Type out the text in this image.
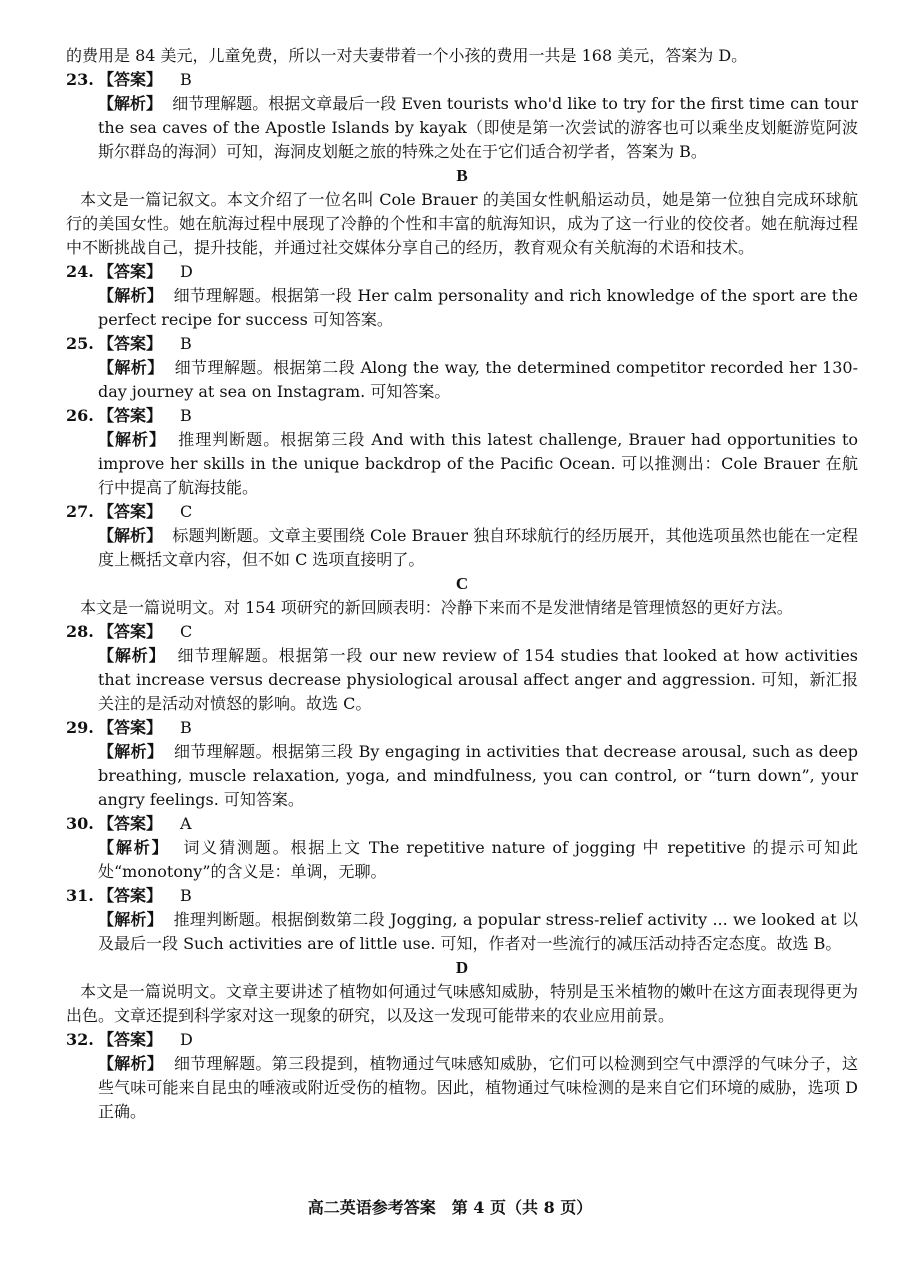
的费用是 84 美元，儿童免费，所以一对夫妻带着一个小孩的费用一共是 168 美元，答案为 D。
23. 【答案】 B
【解析】 细节理解题。根据文章最后一段 Even tourists who'd like to try for the first time can tour the sea caves of the Apostle Islands by kayak（即使是第一次尝试的游客也可以乘坐皮划艇游览阿波斯尔群岛的海洞）可知，海洞皮划艇之旅的特殊之处在于它们适合初学者，答案为 B。
B
本文是一篇记叙文。本文介绍了一位名叫 Cole Brauer 的美国女性帆船运动员，她是第一位独自完成环球航行的美国女性。她在航海过程中展现了冷静的个性和丰富的航海知识，成为了这一行业的佼佼者。她在航海过程中不断挑战自己，提升技能，并通过社交媒体分享自己的经历，教育观众有关航海的术语和技术。
24. 【答案】 D
【解析】 细节理解题。根据第一段 Her calm personality and rich knowledge of the sport are the perfect recipe for success 可知答案。
25. 【答案】 B
【解析】 细节理解题。根据第二段 Along the way, the determined competitor recorded her 130-day journey at sea on Instagram. 可知答案。
26. 【答案】 B
【解析】 推理判断题。根据第三段 And with this latest challenge, Brauer had opportunities to improve her skills in the unique backdrop of the Pacific Ocean. 可以推测出：Cole Brauer 在航行中提高了航海技能。
27. 【答案】 C
【解析】 标题判断题。文章主要围绕 Cole Brauer 独自环球航行的经历展开，其他选项虽然也能在一定程度上概括文章内容，但不如 C 选项直接明了。
C
本文是一篇说明文。对 154 项研究的新回顾表明：冷静下来而不是发泄情绪是管理愤怒的更好方法。
28. 【答案】 C
【解析】 细节理解题。根据第一段 our new review of 154 studies that looked at how activities that increase versus decrease physiological arousal affect anger and aggression. 可知，新汇报关注的是活动对愤怒的影响。故选 C。
29. 【答案】 B
【解析】 细节理解题。根据第三段 By engaging in activities that decrease arousal, such as deep breathing, muscle relaxation, yoga, and mindfulness, you can control, or “turn down”, your angry feelings. 可知答案。
30. 【答案】 A
【解析】 词义猜测题。根据上文 The repetitive nature of jogging 中 repetitive 的提示可知此处“monotony”的含义是：单调，无聊。
31. 【答案】 B
【解析】 推理判断题。根据倒数第二段 Jogging, a popular stress-relief activity ... we looked at 以及最后一段 Such activities are of little use. 可知，作者对一些流行的减压活动持否定态度。故选 B。
D
本文是一篇说明文。文章主要讲述了植物如何通过气味感知威胁，特别是玉米植物的嫩叶在这方面表现得更为出色。文章还提到科学家对这一现象的研究，以及这一发现可能带来的农业应用前景。
32. 【答案】 D
【解析】 细节理解题。第三段提到，植物通过气味感知威胁，它们可以检测到空气中漂浮的气味分子，这些气味可能来自昆虫的唾液或附近受伤的植物。因此，植物通过气味检测的是来自它们环境的威胁，选项 D 正确。
高二英语参考答案　第 4 页（共 8 页）
